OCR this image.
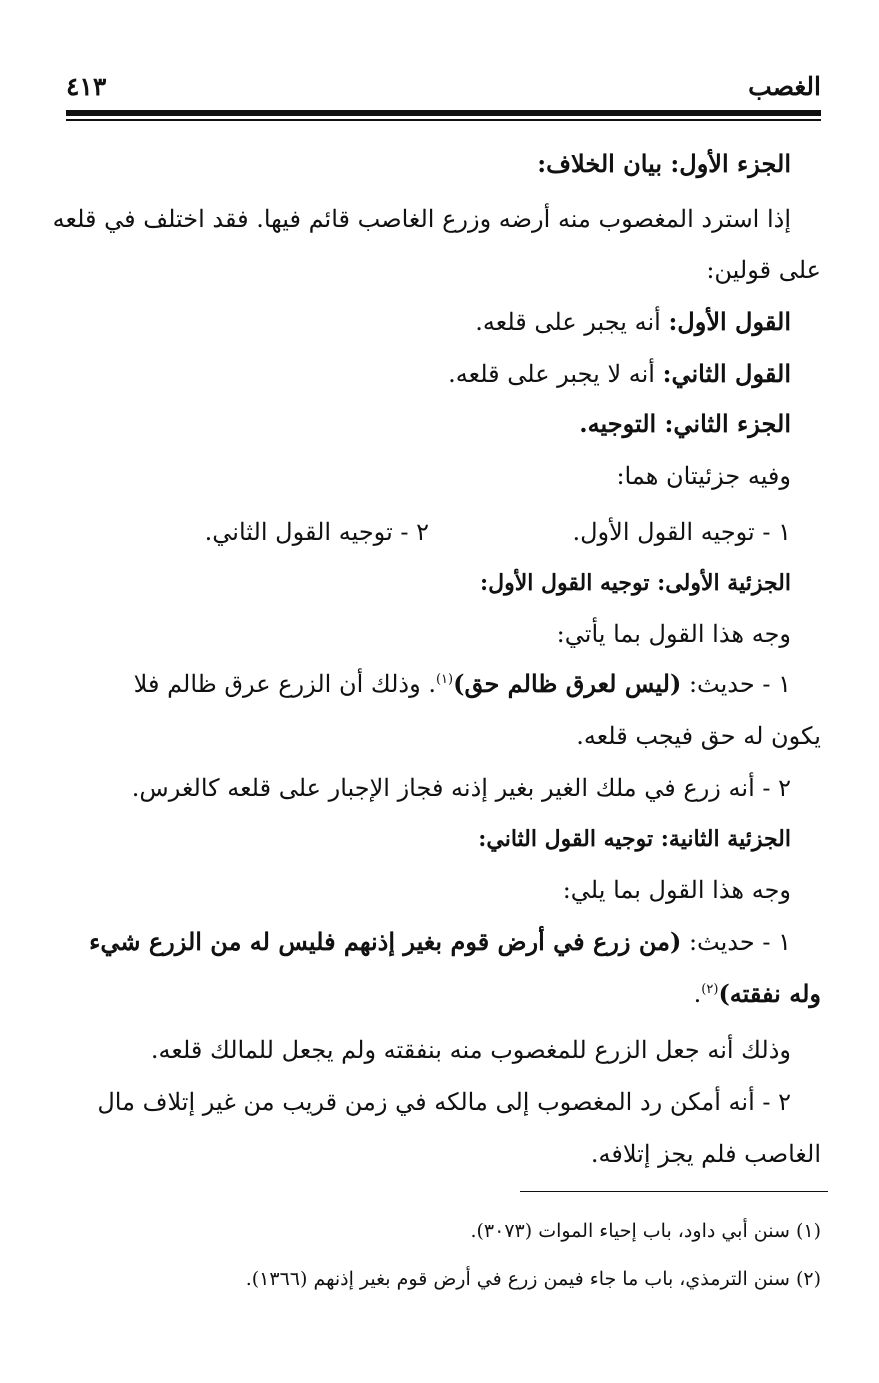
الغصب
٤١٣
الجزء الأول: بيان الخلاف:
إذا استرد المغصوب منه أرضه وزرع الغاصب قائم فيها. فقد اختلف في قلعه
على قولين:
القول الأول: أنه يجبر على قلعه.
القول الثاني: أنه لا يجبر على قلعه.
الجزء الثاني: التوجيه.
وفيه جزئيتان هما:
١ - توجيه القول الأول.
٢ - توجيه القول الثاني.
الجزئية الأولى: توجيه القول الأول:
وجه هذا القول بما يأتي:
١ - حديث: (ليس لعرق ظالم حق)$^{(١)}$. وذلك أن الزرع عرق ظالم فلا
يكون له حق فيجب قلعه.
٢ - أنه زرع في ملك الغير بغير إذنه فجاز الإجبار على قلعه كالغرس.
الجزئية الثانية: توجيه القول الثاني:
وجه هذا القول بما يلي:
١ - حديث: (من زرع في أرض قوم بغير إذنهم فليس له من الزرع شيء
وله نفقته)$^{(٢)}$.
وذلك أنه جعل الزرع للمغصوب منه بنفقته ولم يجعل للمالك قلعه.
٢ - أنه أمكن رد المغصوب إلى مالكه في زمن قريب من غير إتلاف مال
الغاصب فلم يجز إتلافه.
(١) سنن أبي داود، باب إحياء الموات (٣٠٧٣).
(٢) سنن الترمذي، باب ما جاء فيمن زرع في أرض قوم بغير إذنهم (١٣٦٦).
